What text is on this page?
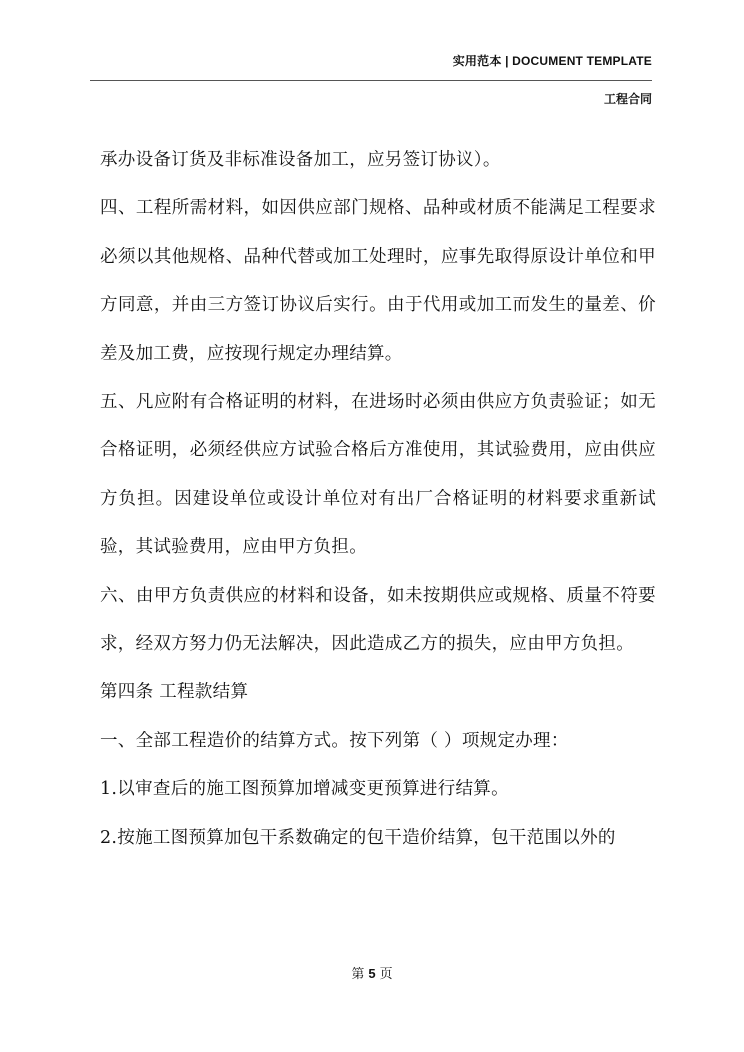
实用范本 | DOCUMENT TEMPLATE
工程合同

承办设备订货及非标准设备加工，应另签订协议）。

四、工程所需材料，如因供应部门规格、品种或材质不能满足工程要求必须以其他规格、品种代替或加工处理时，应事先取得原设计单位和甲方同意，并由三方签订协议后实行。由于代用或加工而发生的量差、价差及加工费，应按现行规定办理结算。

五、凡应附有合格证明的材料，在进场时必须由供应方负责验证；如无合格证明，必须经供应方试验合格后方准使用，其试验费用，应由供应方负担。因建设单位或设计单位对有出厂合格证明的材料要求重新试验，其试验费用，应由甲方负担。

六、由甲方负责供应的材料和设备，如未按期供应或规格、质量不符要求，经双方努力仍无法解决，因此造成乙方的损失，应由甲方负担。

第四条 工程款结算

一、全部工程造价的结算方式。按下列第（ ）项规定办理：

1.以审查后的施工图预算加增减变更预算进行结算。

2.按施工图预算加包干系数确定的包干造价结算，包干范围以外的

第 5 页
